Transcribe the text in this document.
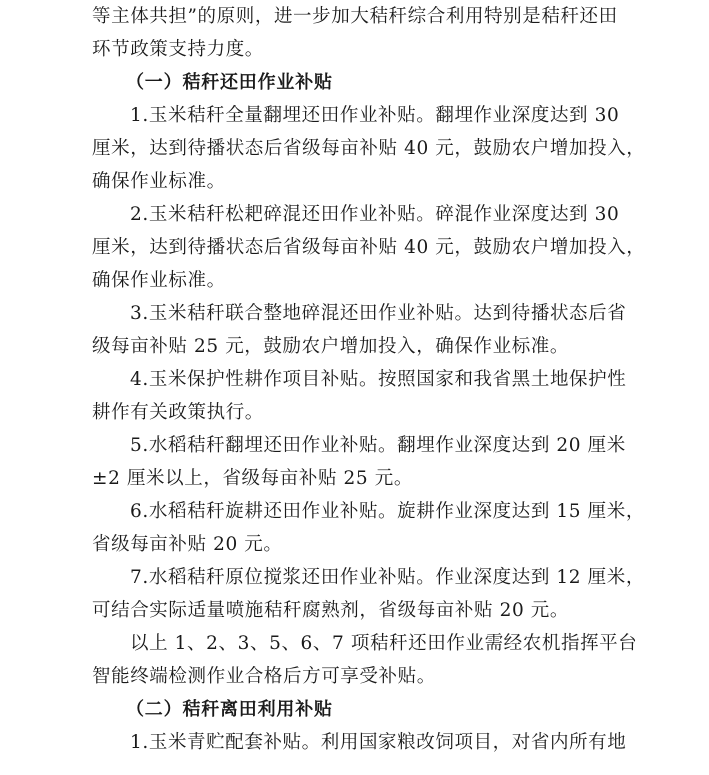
等主体共担”的原则，进一步加大秸秆综合利用特别是秸秆还田
环节政策支持力度。
（一）秸秆还田作业补贴
1.玉米秸秆全量翻埋还田作业补贴。翻埋作业深度达到 30
厘米，达到待播状态后省级每亩补贴 40 元，鼓励农户增加投入，
确保作业标准。
2.玉米秸秆松耙碎混还田作业补贴。碎混作业深度达到 30
厘米，达到待播状态后省级每亩补贴 40 元，鼓励农户增加投入，
确保作业标准。
3.玉米秸秆联合整地碎混还田作业补贴。达到待播状态后省
级每亩补贴 25 元，鼓励农户增加投入，确保作业标准。
4.玉米保护性耕作项目补贴。按照国家和我省黑土地保护性
耕作有关政策执行。
5.水稻秸秆翻埋还田作业补贴。翻埋作业深度达到 20 厘米
±2 厘米以上，省级每亩补贴 25 元。
6.水稻秸秆旋耕还田作业补贴。旋耕作业深度达到 15 厘米，
省级每亩补贴 20 元。
7.水稻秸秆原位搅浆还田作业补贴。作业深度达到 12 厘米，
可结合实际适量喷施秸秆腐熟剂，省级每亩补贴 20 元。
以上 1、2、3、5、6、7 项秸秆还田作业需经农机指挥平台
智能终端检测作业合格后方可享受补贴。
（二）秸秆离田利用补贴
1.玉米青贮配套补贴。利用国家粮改饲项目，对省内所有地
